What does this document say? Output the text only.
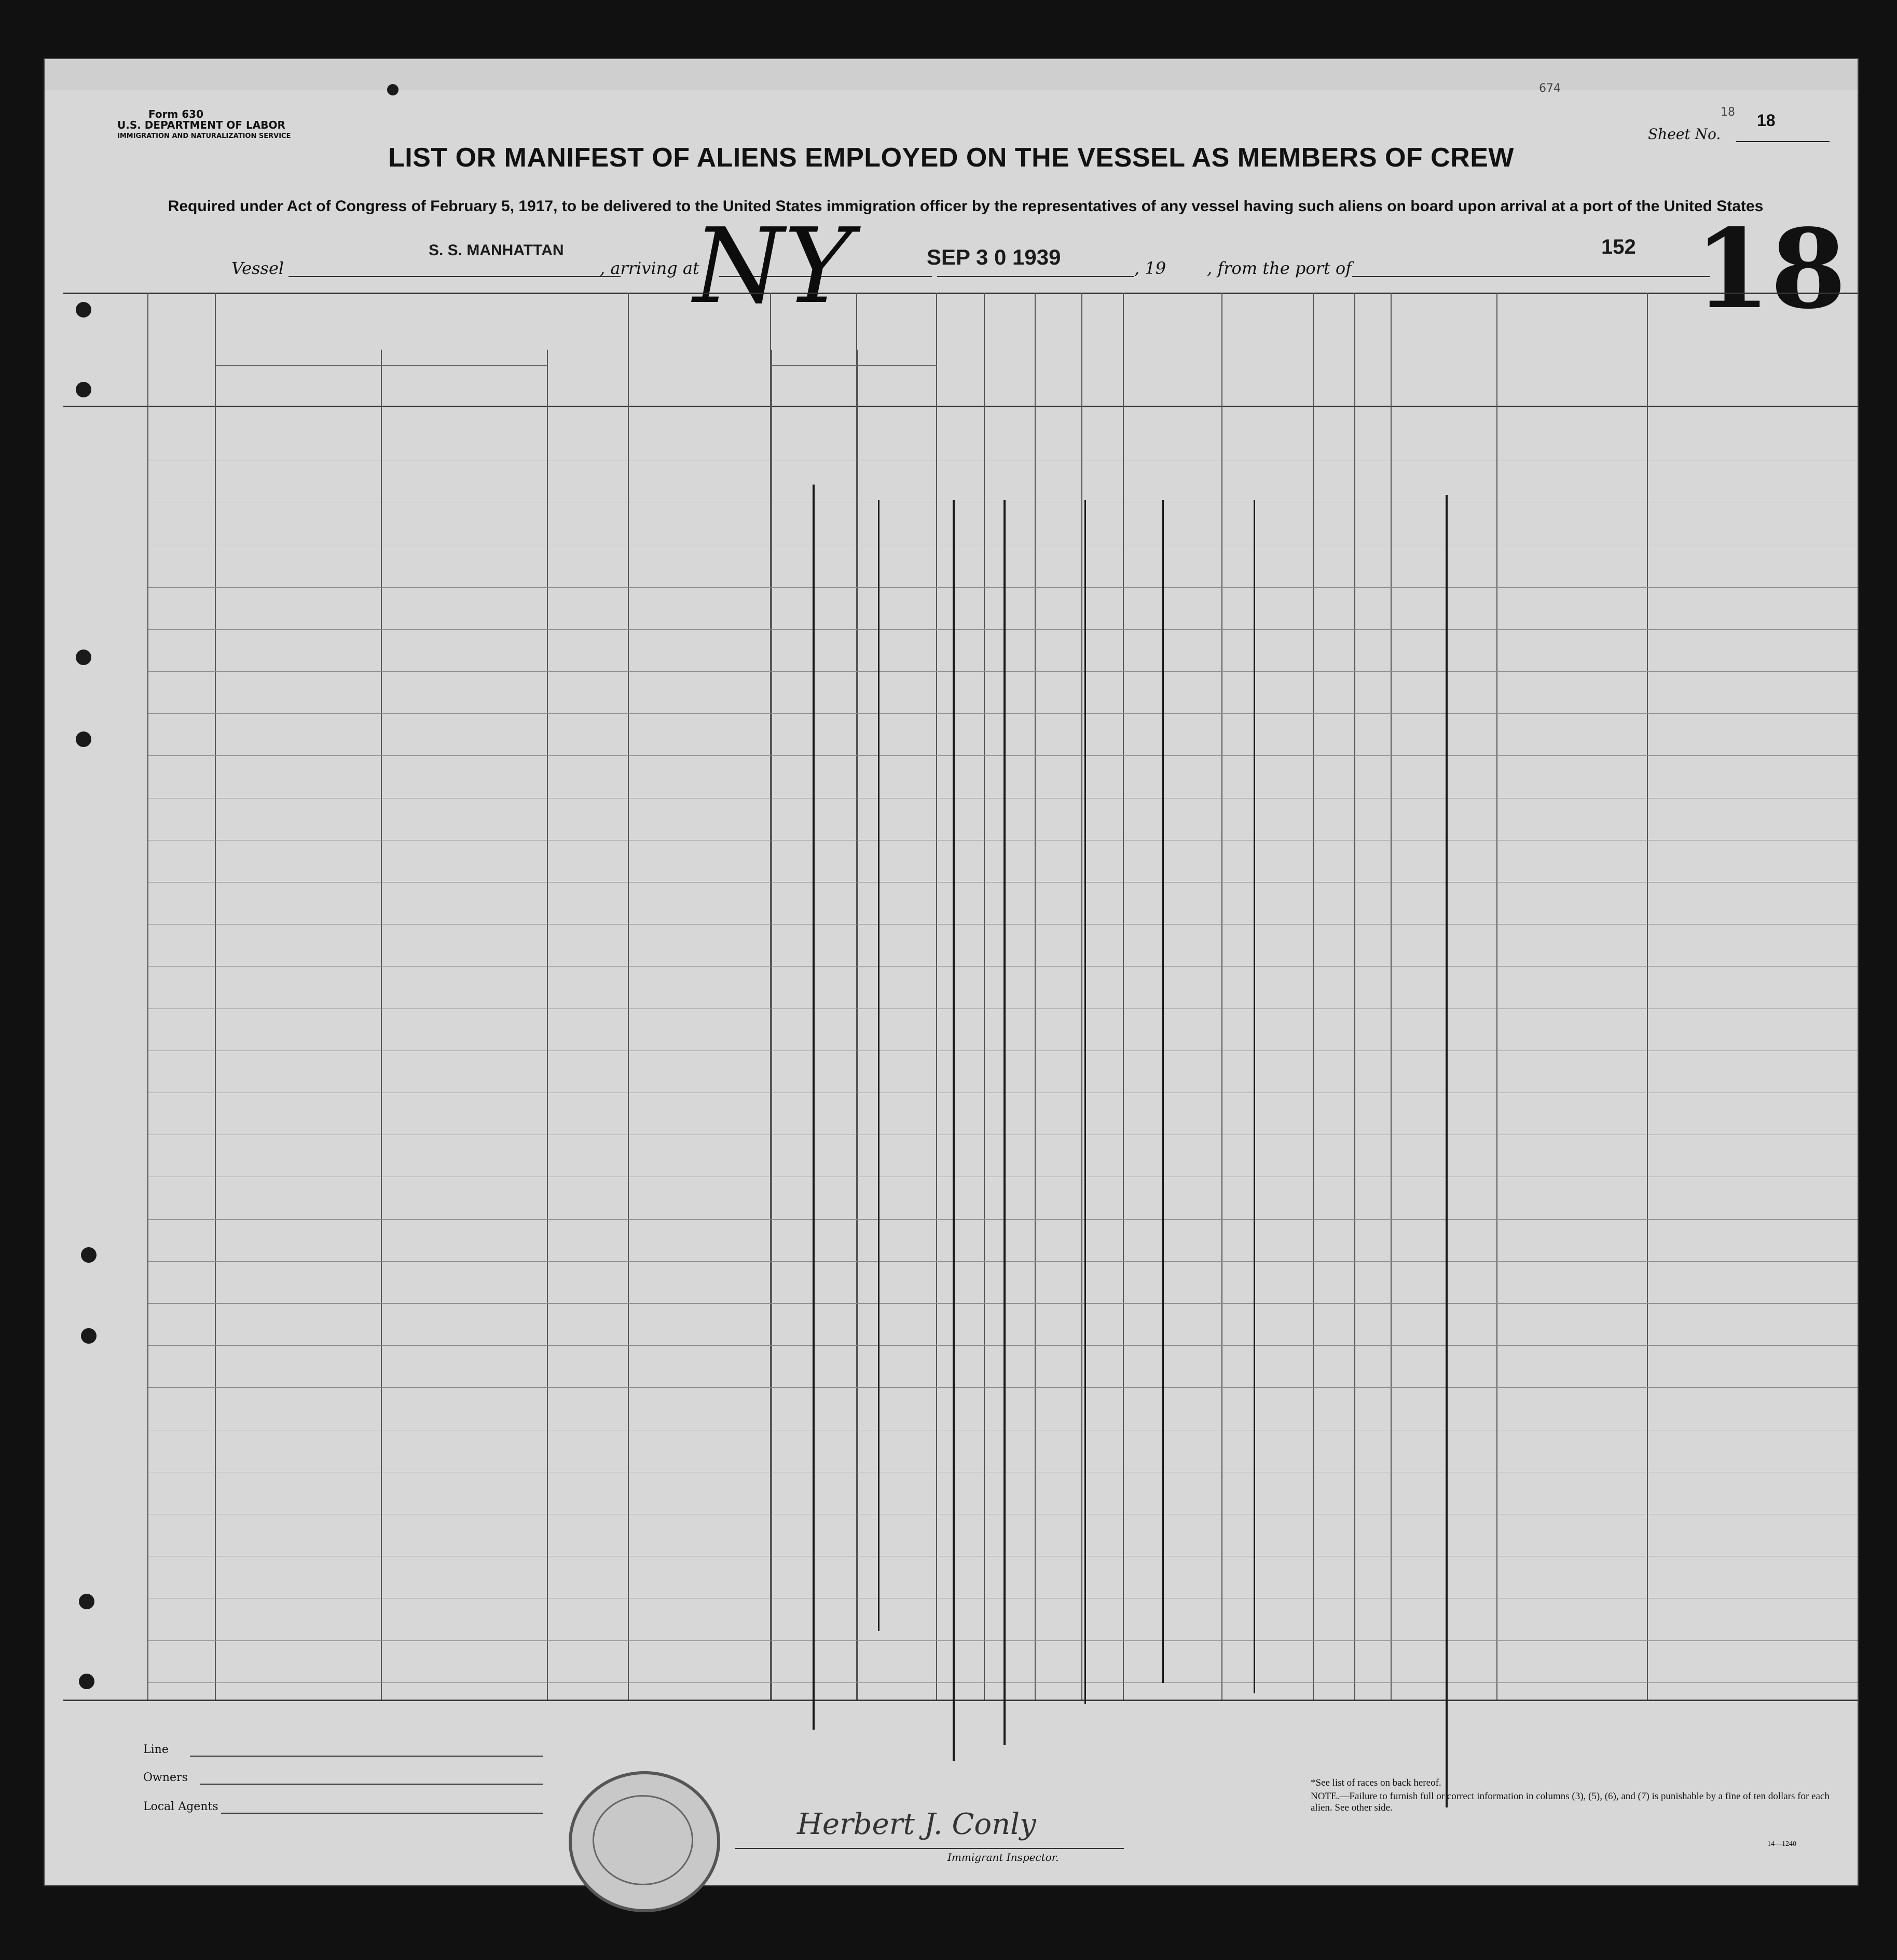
Form 630
U.S. DEPARTMENT OF LABOR
IMMIGRATION AND NATURALIZATION SERVICE
674
Sheet No.
18 18
LIST OR MANIFEST OF ALIENS EMPLOYED ON THE VESSEL AS MEMBERS OF CREW
Required under Act of Congress of February 5, 1917, to be delivered to the United States immigration officer by the representatives of any vessel having such aliens on board upon arrival at a port of the United States
Vessel
S. S. MANHATTAN
, arriving at
NY	SEP 3 0 1939	, 19 , from the port of
152 18
Line
Owners
Local Agents
Herbert J. Conly
Immigrant Inspector.
*See list of races on back hereof.
NOTE.—Failure to furnish full or correct information in columns (3), (5), (6), and (7) is punishable by a fine of ten dollars for each alien. See other side.
14—1240
